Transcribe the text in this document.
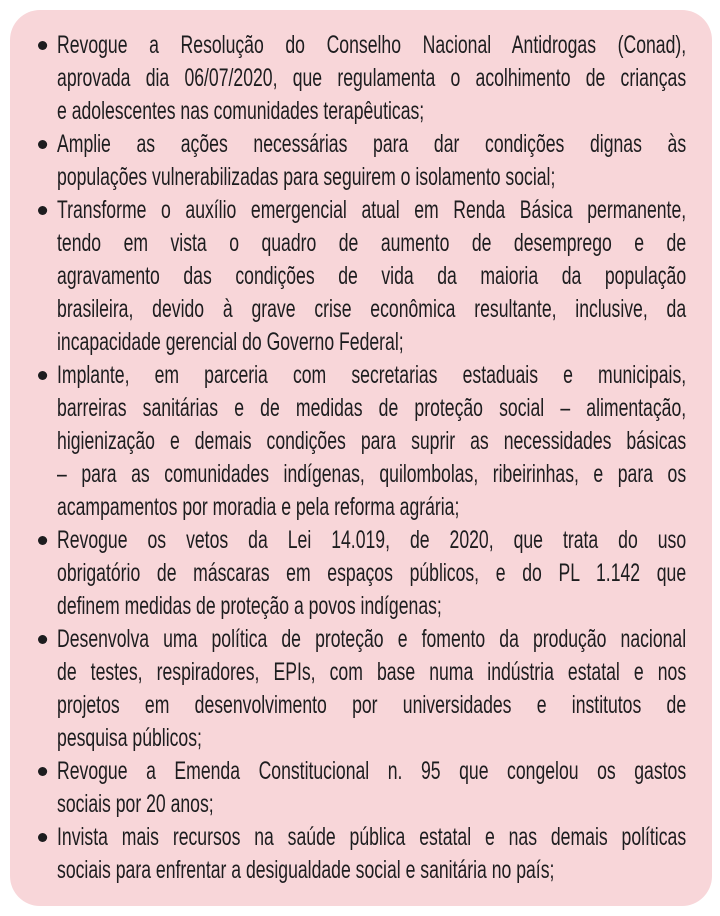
Revogue a Resolução do Conselho Nacional Antidrogas (Conad),
aprovada dia 06/07/2020, que regulamenta o acolhimento de crianças
e adolescentes nas comunidades terapêuticas;
Amplie as ações necessárias para dar condições dignas às
populações vulnerabilizadas para seguirem o isolamento social;
Transforme o auxílio emergencial atual em Renda Básica permanente,
tendo em vista o quadro de aumento de desemprego e de
agravamento das condições de vida da maioria da população
brasileira, devido à grave crise econômica resultante, inclusive, da
incapacidade gerencial do Governo Federal;
Implante, em parceria com secretarias estaduais e municipais,
barreiras sanitárias e de medidas de proteção social – alimentação,
higienização e demais condições para suprir as necessidades básicas
– para as comunidades indígenas, quilombolas, ribeirinhas, e para os
acampamentos por moradia e pela reforma agrária;
Revogue os vetos da Lei 14.019, de 2020, que trata do uso
obrigatório de máscaras em espaços públicos, e do PL 1.142 que
definem medidas de proteção a povos indígenas;
Desenvolva uma política de proteção e fomento da produção nacional
de testes, respiradores, EPIs, com base numa indústria estatal e nos
projetos em desenvolvimento por universidades e institutos de
pesquisa públicos;
Revogue a Emenda Constitucional n. 95 que congelou os gastos
sociais por 20 anos;
Invista mais recursos na saúde pública estatal e nas demais políticas
sociais para enfrentar a desigualdade social e sanitária no país;
